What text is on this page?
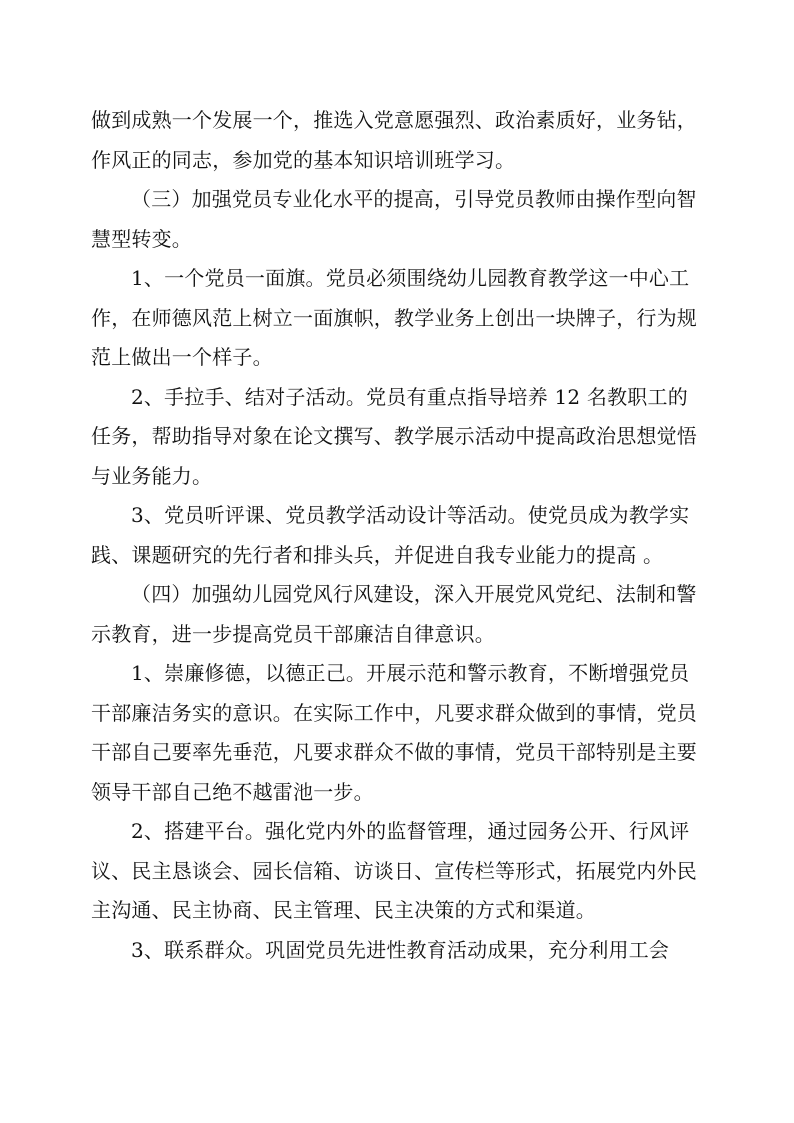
做到成熟一个发展一个，推选入党意愿强烈、政治素质好，业务钻，作风正的同志，参加党的基本知识培训班学习。

（三）加强党员专业化水平的提高，引导党员教师由操作型向智慧型转变。

1、一个党员一面旗。党员必须围绕幼儿园教育教学这一中心工作，在师德风范上树立一面旗帜，教学业务上创出一块牌子，行为规范上做出一个样子。

2、手拉手、结对子活动。党员有重点指导培养 12 名教职工的任务，帮助指导对象在论文撰写、教学展示活动中提高政治思想觉悟与业务能力。

3、党员听评课、党员教学活动设计等活动。使党员成为教学实践、课题研究的先行者和排头兵，并促进自我专业能力的提高 。

（四）加强幼儿园党风行风建设，深入开展党风党纪、法制和警示教育，进一步提高党员干部廉洁自律意识。

1、崇廉修德，以德正己。开展示范和警示教育，不断增强党员干部廉洁务实的意识。在实际工作中，凡要求群众做到的事情，党员干部自己要率先垂范，凡要求群众不做的事情，党员干部特别是主要领导干部自己绝不越雷池一步。

2、搭建平台。强化党内外的监督管理，通过园务公开、行风评议、民主恳谈会、园长信箱、访谈日、宣传栏等形式，拓展党内外民主沟通、民主协商、民主管理、民主决策的方式和渠道。

3、联系群众。巩固党员先进性教育活动成果，充分利用工会
